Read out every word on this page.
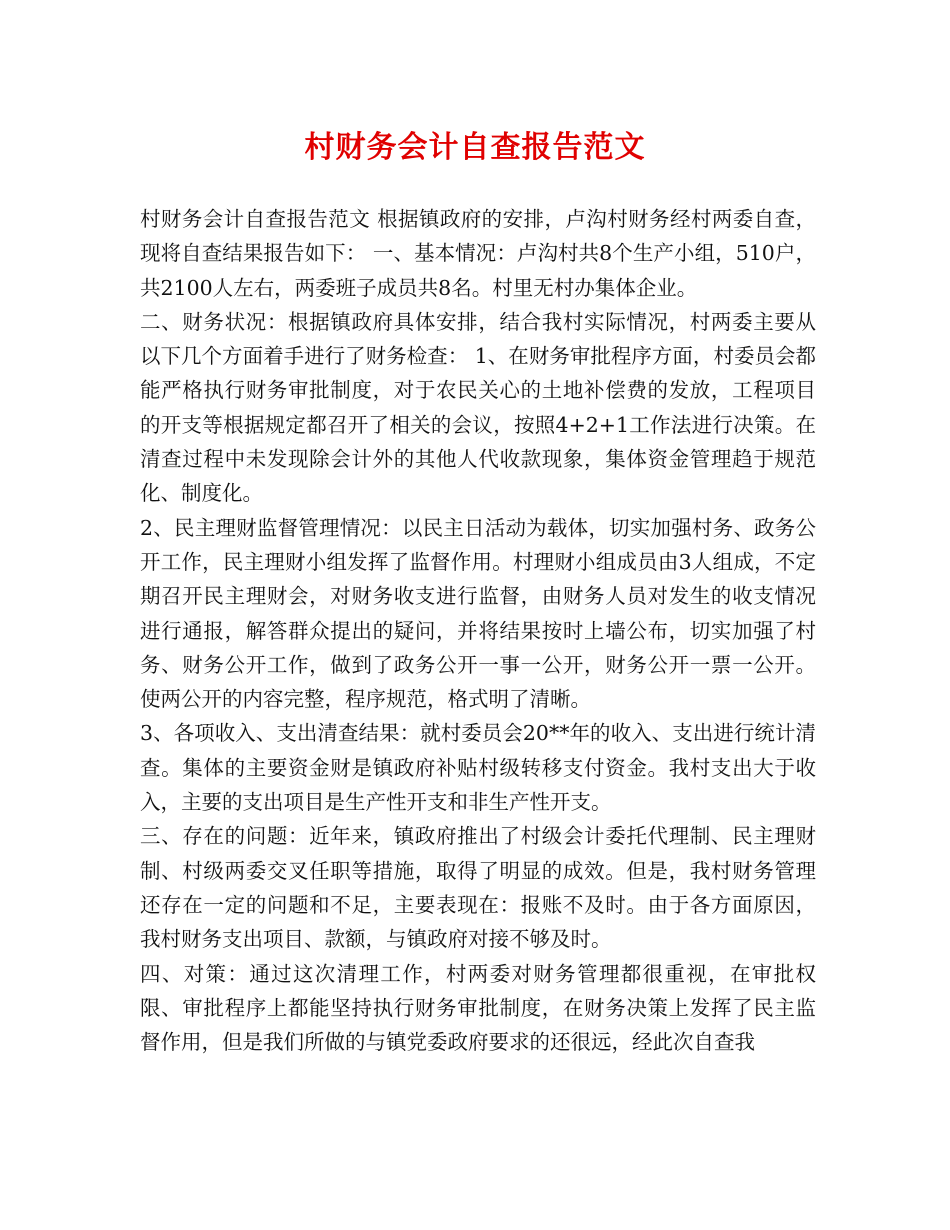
村财务会计自查报告范文

村财务会计自查报告范文 根据镇政府的安排，卢沟村财务经村两委自查，现将自查结果报告如下： 一、基本情况：卢沟村共8个生产小组，510户，共2100人左右，两委班子成员共8名。村里无村办集体企业。

二、财务状况：根据镇政府具体安排，结合我村实际情况，村两委主要从以下几个方面着手进行了财务检查： 1、在财务审批程序方面，村委员会都能严格执行财务审批制度，对于农民关心的土地补偿费的发放，工程项目的开支等根据规定都召开了相关的会议，按照4+2+1工作法进行决策。在清查过程中未发现除会计外的其他人代收款现象，集体资金管理趋于规范化、制度化。

2、民主理财监督管理情况：以民主日活动为载体，切实加强村务、政务公开工作，民主理财小组发挥了监督作用。村理财小组成员由3人组成，不定期召开民主理财会，对财务收支进行监督，由财务人员对发生的收支情况进行通报，解答群众提出的疑问，并将结果按时上墙公布，切实加强了村务、财务公开工作，做到了政务公开一事一公开，财务公开一票一公开。使两公开的内容完整，程序规范，格式明了清晰。

3、各项收入、支出清查结果：就村委员会20**年的收入、支出进行统计清查。集体的主要资金财是镇政府补贴村级转移支付资金。我村支出大于收入，主要的支出项目是生产性开支和非生产性开支。

三、存在的问题：近年来，镇政府推出了村级会计委托代理制、民主理财制、村级两委交叉任职等措施，取得了明显的成效。但是，我村财务管理还存在一定的问题和不足，主要表现在：报账不及时。由于各方面原因，我村财务支出项目、款额，与镇政府对接不够及时。

四、对策：通过这次清理工作，村两委对财务管理都很重视，在审批权限、审批程序上都能坚持执行财务审批制度，在财务决策上发挥了民主监督作用，但是我们所做的与镇党委政府要求的还很远，经此次自查我
